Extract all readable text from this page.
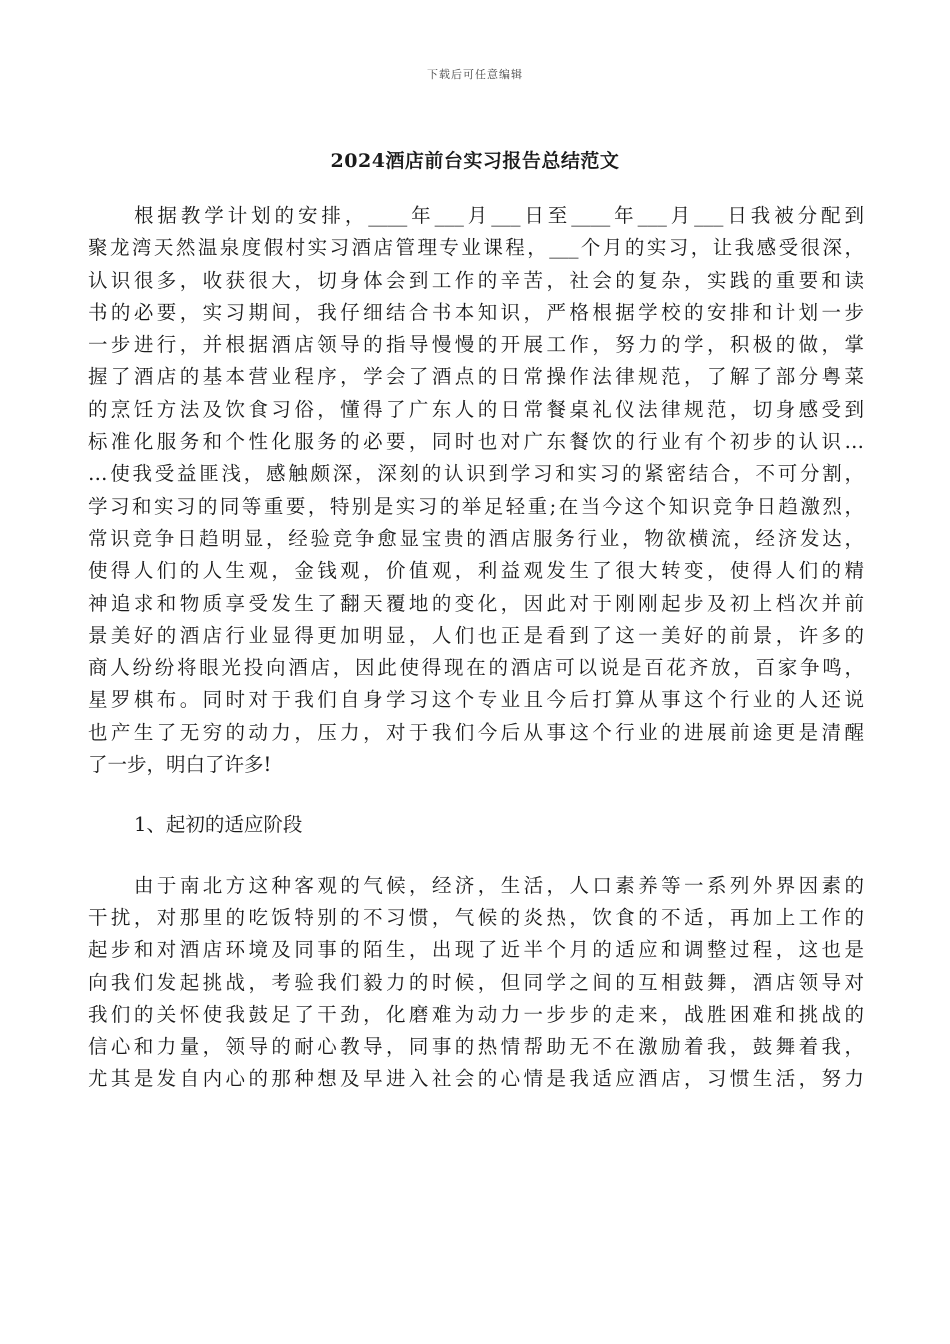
下载后可任意编辑
2024酒店前台实习报告总结范文
根据教学计划的安排，____年___月___日至____年___月___日我被分配到
聚龙湾天然温泉度假村实习酒店管理专业课程，___个月的实习，让我感受很深，
认识很多，收获很大，切身体会到工作的辛苦，社会的复杂，实践的重要和读
书的必要，实习期间，我仔细结合书本知识，严格根据学校的安排和计划一步
一步进行，并根据酒店领导的指导慢慢的开展工作，努力的学，积极的做，掌
握了酒店的基本营业程序，学会了酒点的日常操作法律规范，了解了部分粤菜
的烹饪方法及饮食习俗，懂得了广东人的日常餐桌礼仪法律规范，切身感受到
标准化服务和个性化服务的必要，同时也对广东餐饮的行业有个初步的认识…
…使我受益匪浅，感触颇深，深刻的认识到学习和实习的紧密结合，不可分割，
学习和实习的同等重要，特别是实习的举足轻重;在当今这个知识竞争日趋激烈，
常识竞争日趋明显，经验竞争愈显宝贵的酒店服务行业，物欲横流，经济发达，
使得人们的人生观，金钱观，价值观，利益观发生了很大转变，使得人们的精
神追求和物质享受发生了翻天覆地的变化，因此对于刚刚起步及初上档次并前
景美好的酒店行业显得更加明显，人们也正是看到了这一美好的前景，许多的
商人纷纷将眼光投向酒店，因此使得现在的酒店可以说是百花齐放，百家争鸣，
星罗棋布。同时对于我们自身学习这个专业且今后打算从事这个行业的人还说
也产生了无穷的动力，压力，对于我们今后从事这个行业的进展前途更是清醒
了一步，明白了许多!
1、起初的适应阶段
由于南北方这种客观的气候，经济，生活，人口素养等一系列外界因素的
干扰，对那里的吃饭特别的不习惯，气候的炎热，饮食的不适，再加上工作的
起步和对酒店环境及同事的陌生，出现了近半个月的适应和调整过程，这也是
向我们发起挑战，考验我们毅力的时候，但同学之间的互相鼓舞，酒店领导对
我们的关怀使我鼓足了干劲，化磨难为动力一步步的走来，战胜困难和挑战的
信心和力量，领导的耐心教导，同事的热情帮助无不在激励着我，鼓舞着我，
尤其是发自内心的那种想及早进入社会的心情是我适应酒店，习惯生活，努力
